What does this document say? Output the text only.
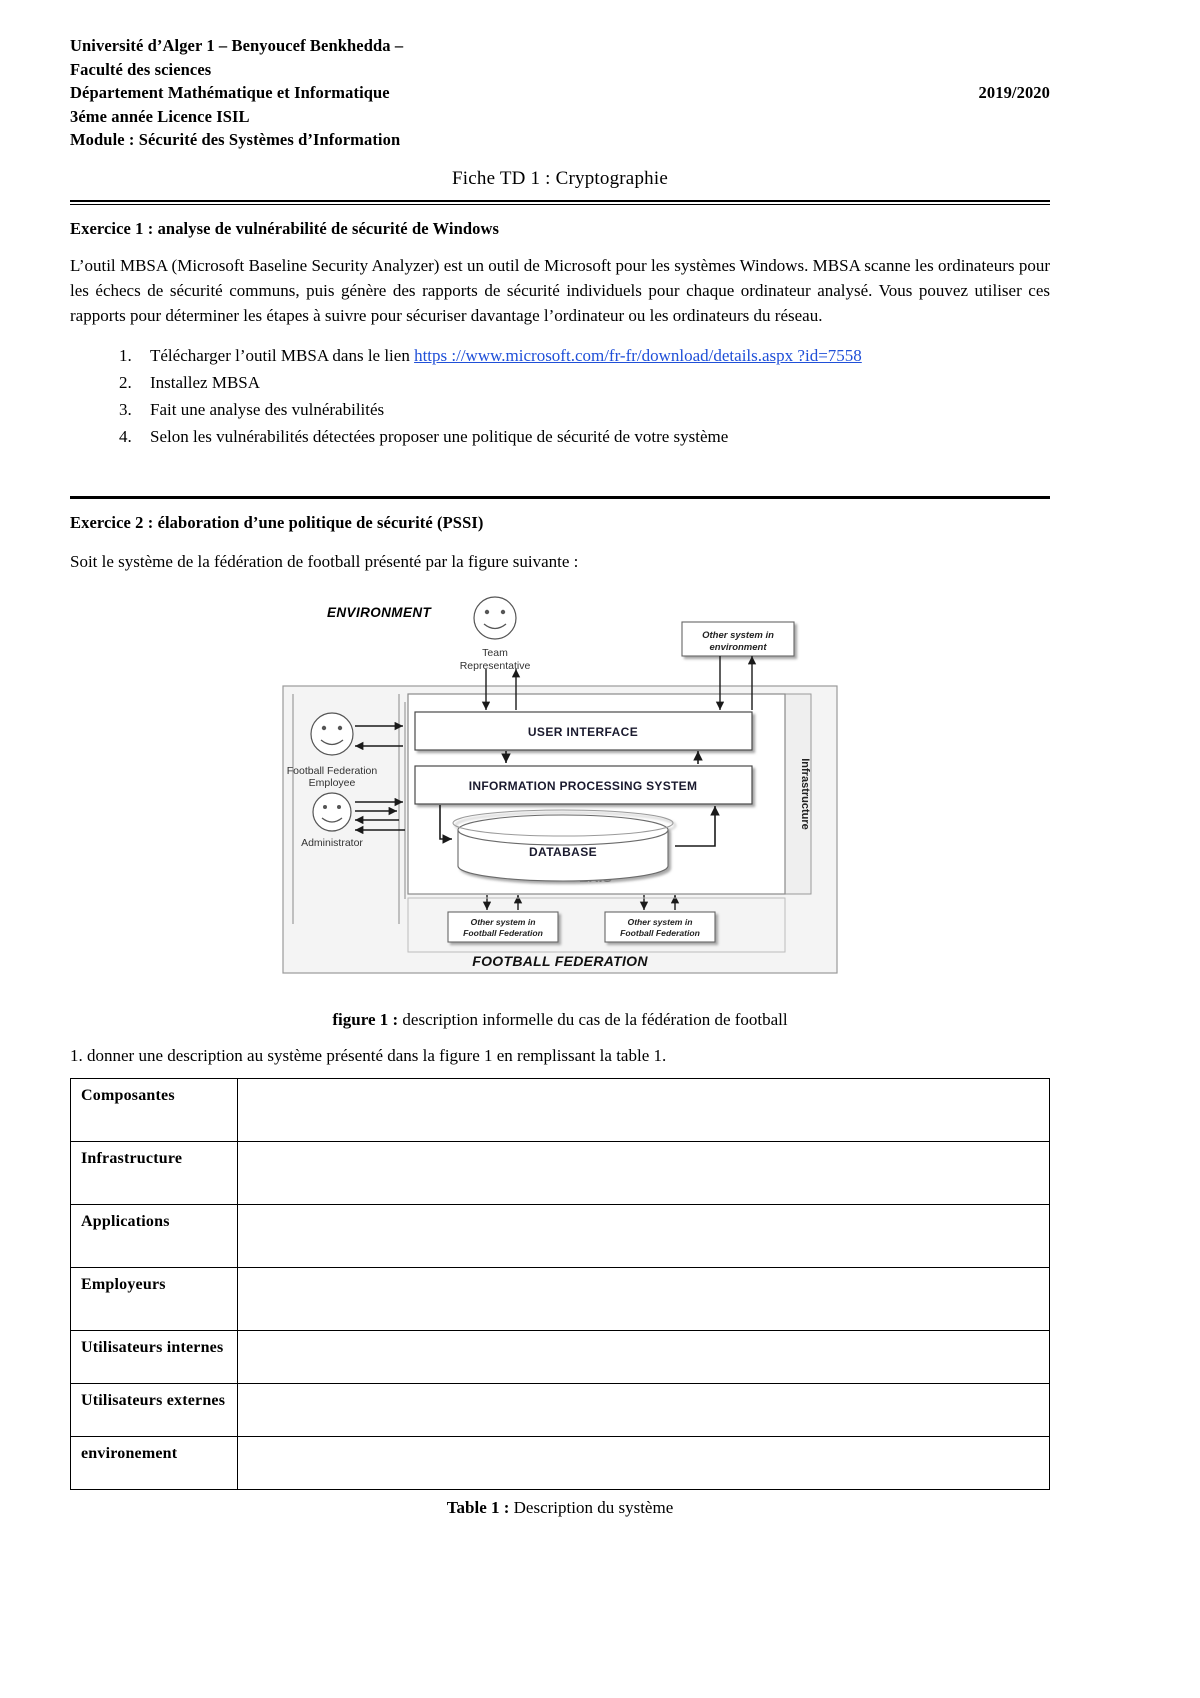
Université d’Alger 1 – Benyoucef Benkhedda –
Faculté des sciences
Département Mathématique et Informatique
3éme année Licence ISIL
Module : Sécurité des Systèmes d’Information
2019/2020
Fiche TD 1 : Cryptographie
Exercice 1 : analyse de vulnérabilité de sécurité de Windows

L’outil MBSA (Microsoft Baseline Security Analyzer) est un outil de Microsoft pour les systèmes Windows. MBSA scanne les ordinateurs pour les échecs de sécurité communs, puis génère des rapports de sécurité individuels pour chaque ordinateur analysé. Vous pouvez utiliser ces rapports pour déterminer les étapes à suivre pour sécuriser davantage l’ordinateur ou les ordinateurs du réseau.

1. Télécharger l’outil MBSA dans le lien https ://www.microsoft.com/fr-fr/download/details.aspx ?id=7558
2. Installez MBSA
3. Fait une analyse des vulnérabilités
4. Selon les vulnérabilités détectées proposer une politique de sécurité de votre système
Exercice 2 : élaboration d’une politique de sécurité (PSSI)

Soit le système de la fédération de football présenté par la figure suivante :

ENVIRONMENT
Team
Representative
Other system in
environment
Infrastructure
Football Federation
Employee
Administrator
USER INTERFACE
INFORMATION PROCESSING SYSTEM
DATABASE
Other system in
Football Federation
Other system in
Football Federation
FOOTBALL FEDERATION
figure 1 : description informelle du cas de la fédération de football
1. donner une description au système présenté dans la figure 1 en remplissant la table 1.
Composantes	
Infrastructure	
Applications	
Employeurs	
Utilisateurs internes	
Utilisateurs externes	
environement	
Table 1 : Description du système
